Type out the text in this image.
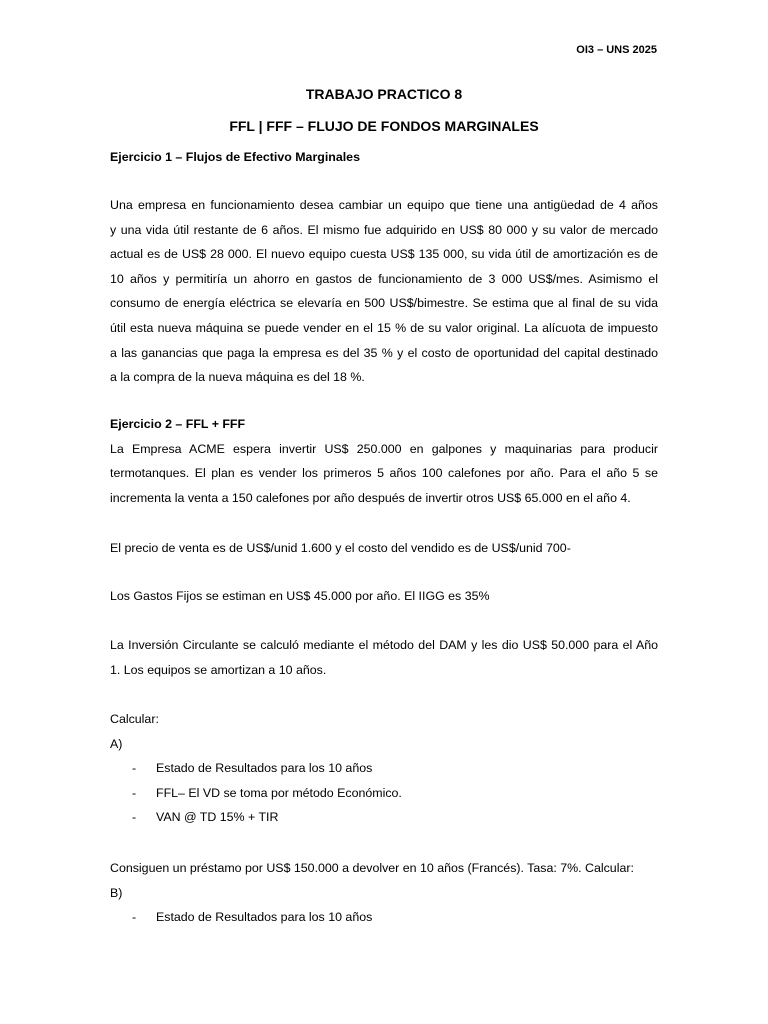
OI3 – UNS 2025
TRABAJO PRACTICO 8
FFL | FFF – FLUJO DE FONDOS MARGINALES
Ejercicio 1 – Flujos de Efectivo Marginales
Una empresa en funcionamiento desea cambiar un equipo que tiene una antigüedad de 4 años
y una vida útil restante de 6 años. El mismo fue adquirido en US$ 80 000 y su valor de mercado
actual es de US$ 28 000. El nuevo equipo cuesta US$ 135 000, su vida útil de amortización es de
10 años y permitiría un ahorro en gastos de funcionamiento de 3 000 US$/mes. Asimismo el
consumo de energía eléctrica se elevaría en 500 US$/bimestre. Se estima que al final de su vida
útil esta nueva máquina se puede vender en el 15 % de su valor original. La alícuota de impuesto
a las ganancias que paga la empresa es del 35 % y el costo de oportunidad del capital destinado
a la compra de la nueva máquina es del 18 %.
Ejercicio 2 – FFL + FFF
La Empresa ACME espera invertir US$ 250.000 en galpones y maquinarias para producir
termotanques. El plan es vender los primeros 5 años 100 calefones por año. Para el año 5 se
incrementa la venta a 150 calefones por año después de invertir otros US$ 65.000 en el año 4.
El precio de venta es de US$/unid 1.600 y el costo del vendido es de US$/unid 700-
Los Gastos Fijos se estiman en US$ 45.000 por año. El IIGG es 35%
La Inversión Circulante se calculó mediante el método del DAM y les dio US$ 50.000 para el Año
1. Los equipos se amortizan a 10 años.
Calcular:
A)
- Estado de Resultados para los 10 años
- FFL– El VD se toma por método Económico.
- VAN @ TD 15% + TIR
Consiguen un préstamo por US$ 150.000 a devolver en 10 años (Francés). Tasa: 7%. Calcular:
B)
- Estado de Resultados para los 10 años
